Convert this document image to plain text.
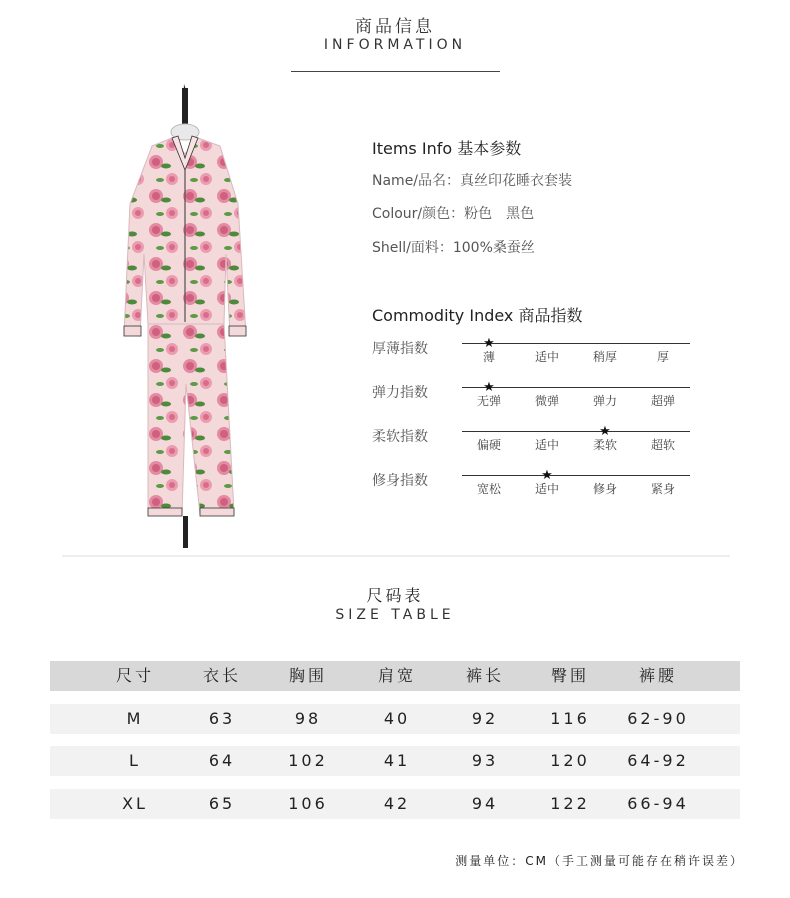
商品信息
INFORMATION
Items Info 基本参数
Name/品名：真丝印花睡衣套装
Colour/颜色：粉色　黑色
Shell/面料：100%桑蚕丝
Commodity Index 商品指数
厚薄指数	薄
★
适中	稍厚	厚
弹力指数	无弹
★
微弹	弹力	超弹
柔软指数	偏硬	适中	柔软
★
超软
修身指数	宽松	适中
★
修身	紧身
尺码表
SIZE TABLE
尺寸	衣长	胸围	肩宽	裤长	臀围	裤腰
M	63	98	40	92	116	62-90
L	64	102	41	93	120	64-92
XL	65	106	42	94	122	66-94
测量单位：CM（手工测量可能存在稍许误差）
